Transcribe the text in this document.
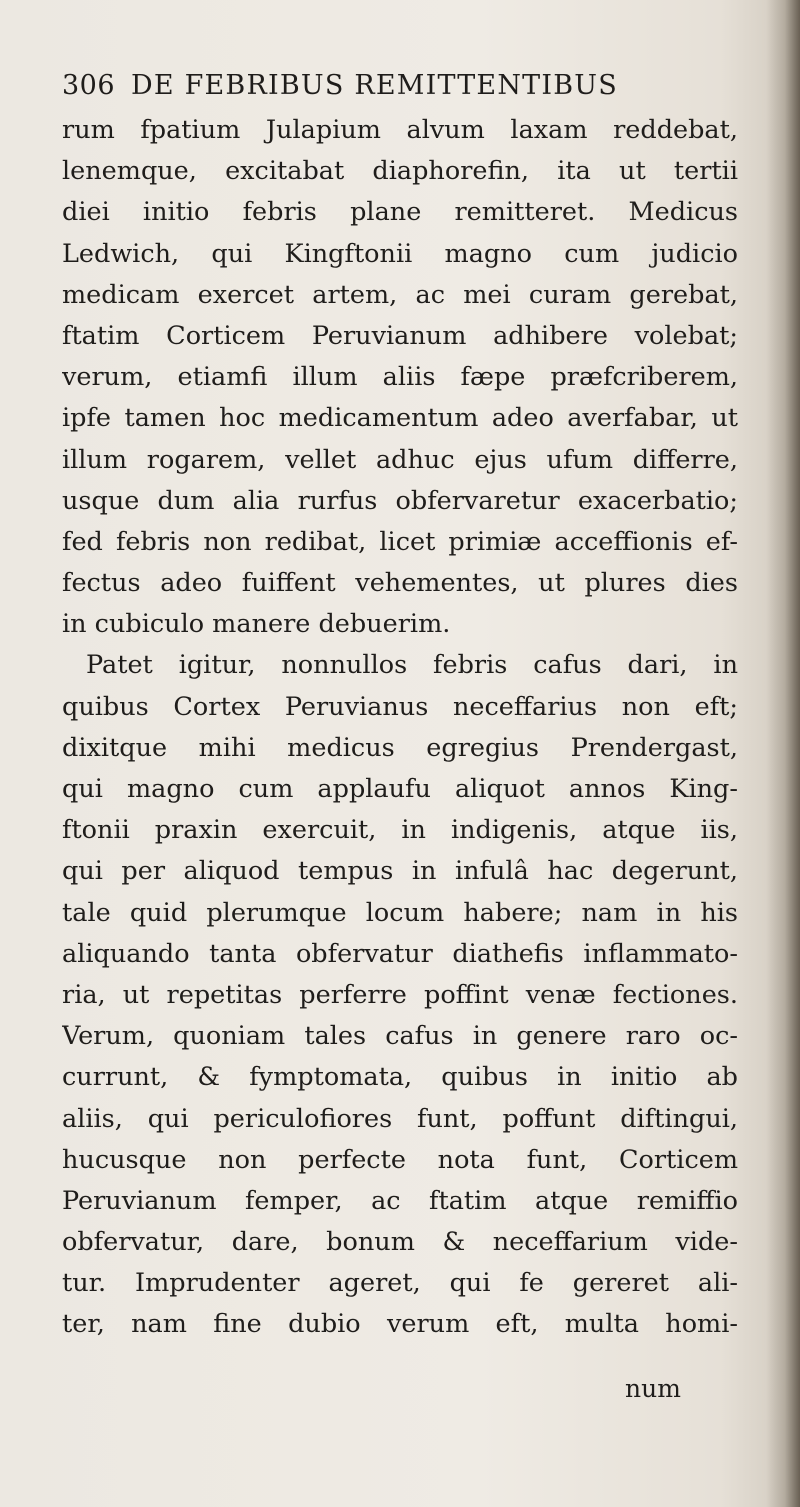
306 DE FEBRIBUS REMITTENTIBUS
rum fpatium Julapium alvum laxam reddebat,
lenemque, excitabat diaphorefin, ita ut tertii
diei initio febris plane remitteret. Medicus
Ledwich, qui Kingftonii magno cum judicio
medicam exercet artem, ac mei curam gerebat,
ftatim Corticem Peruvianum adhibere volebat;
verum, etiamfi illum aliis fæpe præfcriberem,
ipfe tamen hoc medicamentum adeo averfabar, ut
illum rogarem, vellet adhuc ejus ufum differre,
usque dum alia rurfus obfervaretur exacerbatio;
fed febris non redibat, licet primiæ acceffionis ef-
fectus adeo fuiffent vehementes, ut plures dies
in cubiculo manere debuerim.
Patet igitur, nonnullos febris cafus dari, in
quibus Cortex Peruvianus neceffarius non eft;
dixitque mihi medicus egregius Prendergast,
qui magno cum applaufu aliquot annos King-
ftonii praxin exercuit, in indigenis, atque iis,
qui per aliquod tempus in infulâ hac degerunt,
tale quid plerumque locum habere; nam in his
aliquando tanta obfervatur diathefis inflammato-
ria, ut repetitas perferre poffint venæ fectiones.
Verum, quoniam tales cafus in genere raro oc-
currunt, & fymptomata, quibus in initio ab
aliis, qui periculofiores funt, poffunt diftingui,
hucusque non perfecte nota funt, Corticem
Peruvianum femper, ac ftatim atque remiffio
obfervatur, dare, bonum & neceffarium vide-
tur. Imprudenter ageret, qui fe gereret ali-
ter, nam fine dubio verum eft, multa homi-
num
